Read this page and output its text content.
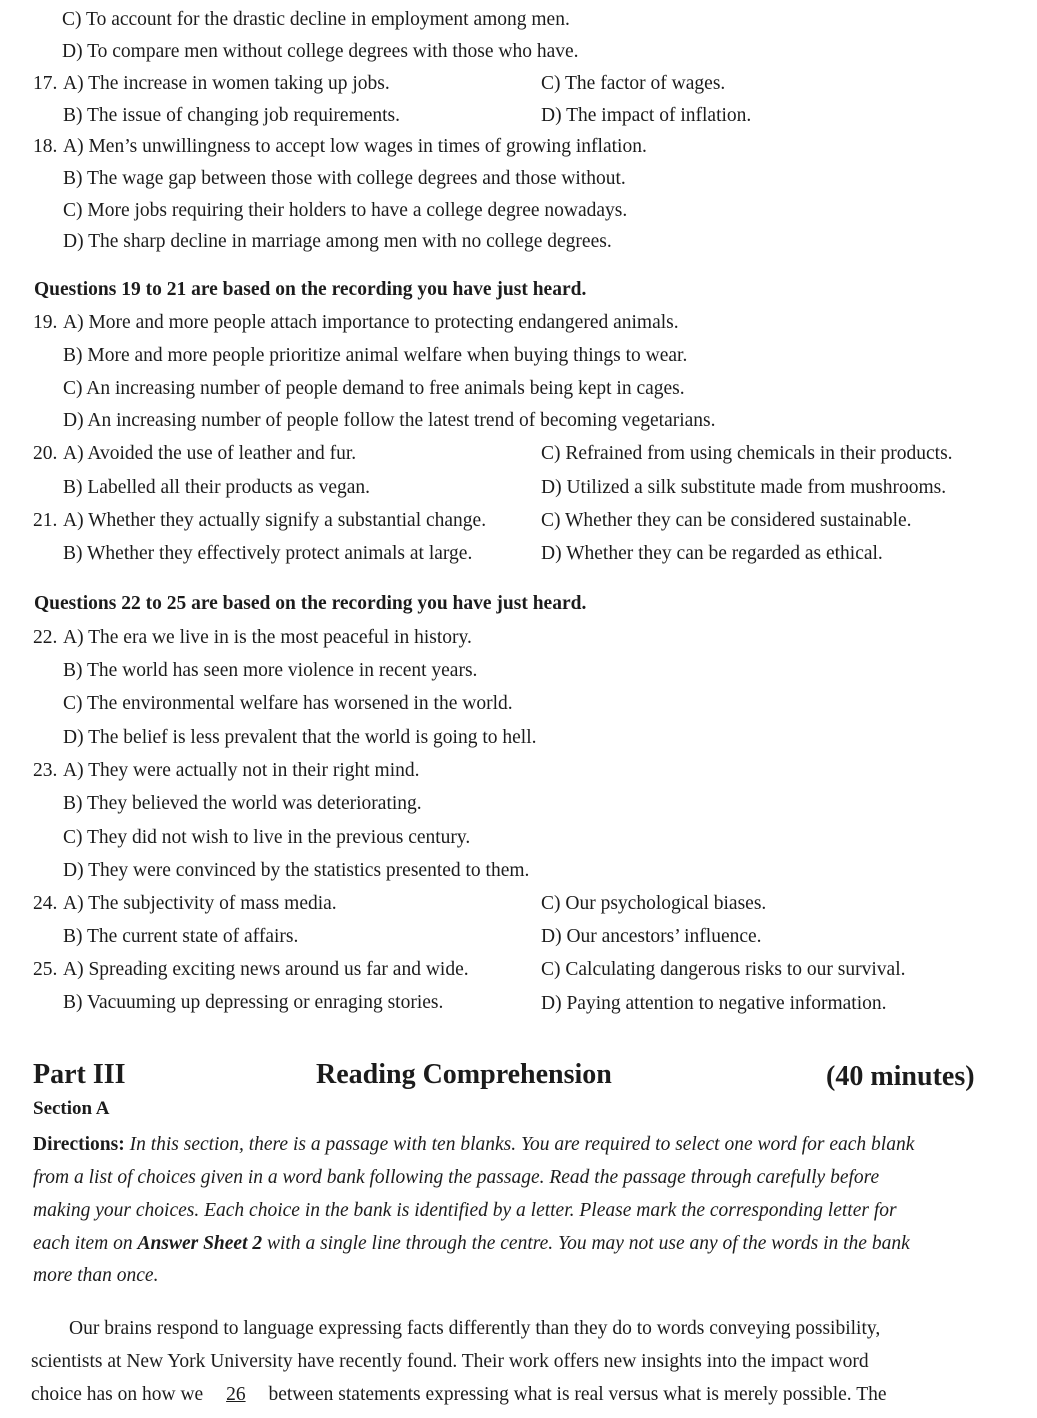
C) To account for the drastic decline in employment among men.
D) To compare men without college degrees with those who have.
17. A) The increase in women taking up jobs.	C) The factor of wages.
B) The issue of changing job requirements.	D) The impact of inflation.
18. A) Men’s unwillingness to accept low wages in times of growing inflation.
B) The wage gap between those with college degrees and those without.
C) More jobs requiring their holders to have a college degree nowadays.
D) The sharp decline in marriage among men with no college degrees.
Questions 19 to 21 are based on the recording you have just heard.
19. A) More and more people attach importance to protecting endangered animals.
B) More and more people prioritize animal welfare when buying things to wear.
C) An increasing number of people demand to free animals being kept in cages.
D) An increasing number of people follow the latest trend of becoming vegetarians.
20. A) Avoided the use of leather and fur.	C) Refrained from using chemicals in their products.
B) Labelled all their products as vegan.	D) Utilized a silk substitute made from mushrooms.
21. A) Whether they actually signify a substantial change.	C) Whether they can be considered sustainable.
B) Whether they effectively protect animals at large.	D) Whether they can be regarded as ethical.
Questions 22 to 25 are based on the recording you have just heard.
22. A) The era we live in is the most peaceful in history.
B) The world has seen more violence in recent years.
C) The environmental welfare has worsened in the world.
D) The belief is less prevalent that the world is going to hell.
23. A) They were actually not in their right mind.
B) They believed the world was deteriorating.
C) They did not wish to live in the previous century.
D) They were convinced by the statistics presented to them.
24. A) The subjectivity of mass media.	C) Our psychological biases.
B) The current state of affairs.	D) Our ancestors’ influence.
25. A) Spreading exciting news around us far and wide.	C) Calculating dangerous risks to our survival.
B) Vacuuming up depressing or enraging stories.	D) Paying attention to negative information.
Part III	Reading Comprehension	(40 minutes)
Section A
Directions: In this section, there is a passage with ten blanks. You are required to select one word for each blank
from a list of choices given in a word bank following the passage. Read the passage through carefully before
making your choices. Each choice in the bank is identified by a letter. Please mark the corresponding letter for
each item on Answer Sheet 2 with a single line through the centre. You may not use any of the words in the bank
more than once.
Our brains respond to language expressing facts differently than they do to words conveying possibility,
scientists at New York University have recently found. Their work offers new insights into the impact word
choice has on how we 26 between statements expressing what is real versus what is merely possible. The
